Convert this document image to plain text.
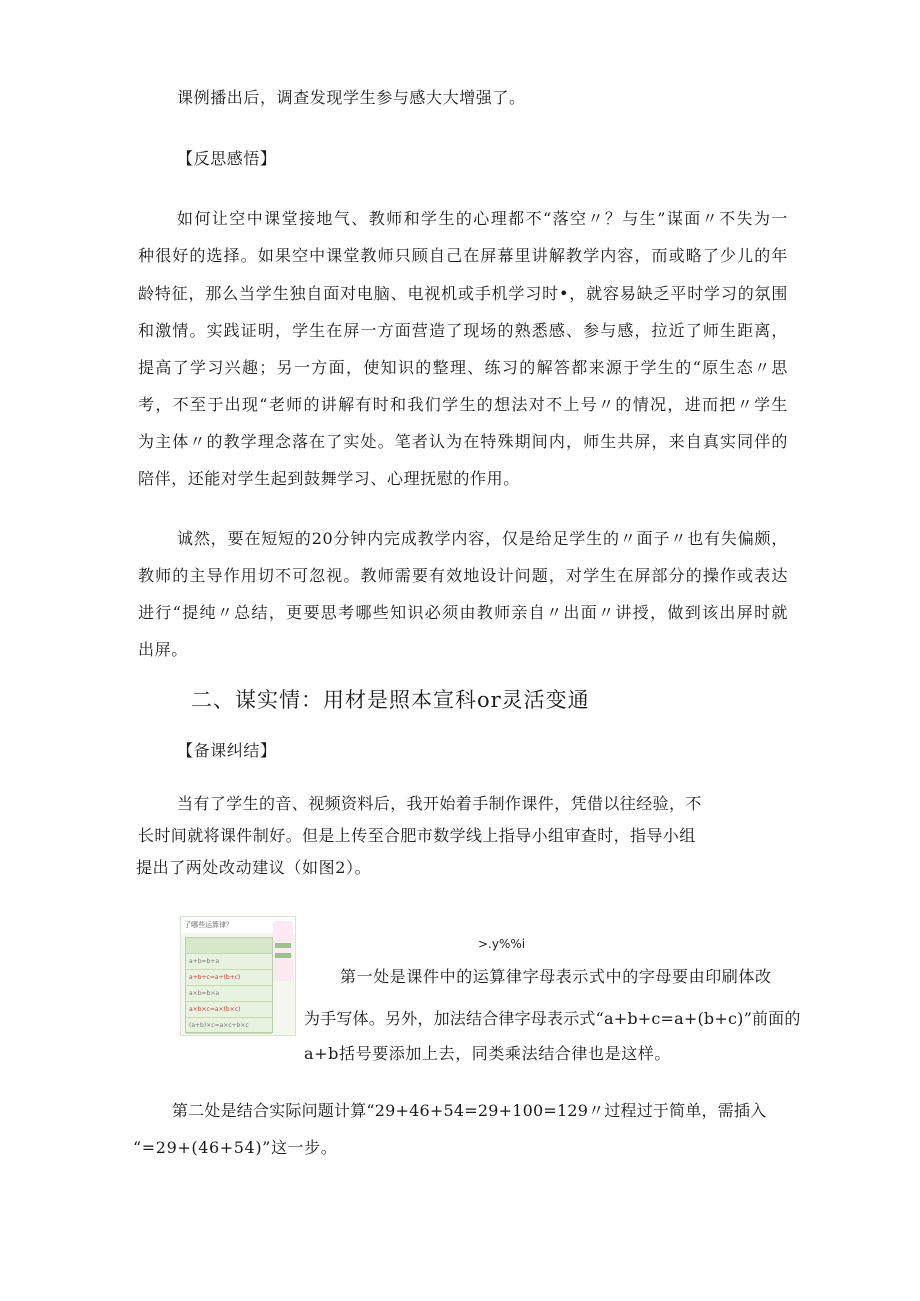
课例播出后，调查发现学生参与感大大增强了。
【反思感悟】
如何让空中课堂接地气、教师和学生的心理都不“落空〃？与生”谋面〃不失为一
种很好的选择。如果空中课堂教师只顾自己在屏幕里讲解教学内容，而或略了少儿的年
龄特征，那么当学生独自面对电脑、电视机或手机学习时•，就容易缺乏平时学习的氛围
和激情。实践证明，学生在屏一方面营造了现场的熟悉感、参与感，拉近了师生距离，
提高了学习兴趣；另一方面，使知识的整理、练习的解答都来源于学生的“原生态〃思
考，不至于出现“老师的讲解有时和我们学生的想法对不上号〃的情况，进而把〃学生
为主体〃的教学理念落在了实处。笔者认为在特殊期间内，师生共屏，来自真实同伴的
陪伴，还能对学生起到鼓舞学习、心理抚慰的作用。
诚然，要在短短的20分钟内完成教学内容，仅是给足学生的〃面子〃也有失偏颇，
教师的主导作用切不可忽视。教师需要有效地设计问题，对学生在屏部分的操作或表达
进行“提纯〃总结，更要思考哪些知识必须由教师亲自〃出面〃讲授，做到该出屏时就
出屏。
二、谋实情：用材是照本宣科or灵活变通
【备课纠结】
当有了学生的音、视频资料后，我开始着手制作课件，凭借以往经验，不
长时间就将课件制好。但是上传至合肥市数学线上指导小组审查时，指导小组
提出了两处改动建议（如图2）。
了哪些运算律？
a+b=b+a
a+b+c=a+(b+c)
a×b=b×a
a×b×c=a×(b×c)
(a+b)×c=a×c+b×c
>.y%%i
第一处是课件中的运算律字母表示式中的字母要由印刷体改
为手写体。另外，加法结合律字母表示式“a+b+c=a+(b+c)”前面的
a+b括号要添加上去，同类乘法结合律也是这样。
第二处是结合实际问题计算“29+46+54=29+100=129〃过程过于简单，需插入
“=29+(46+54)”这一步。
